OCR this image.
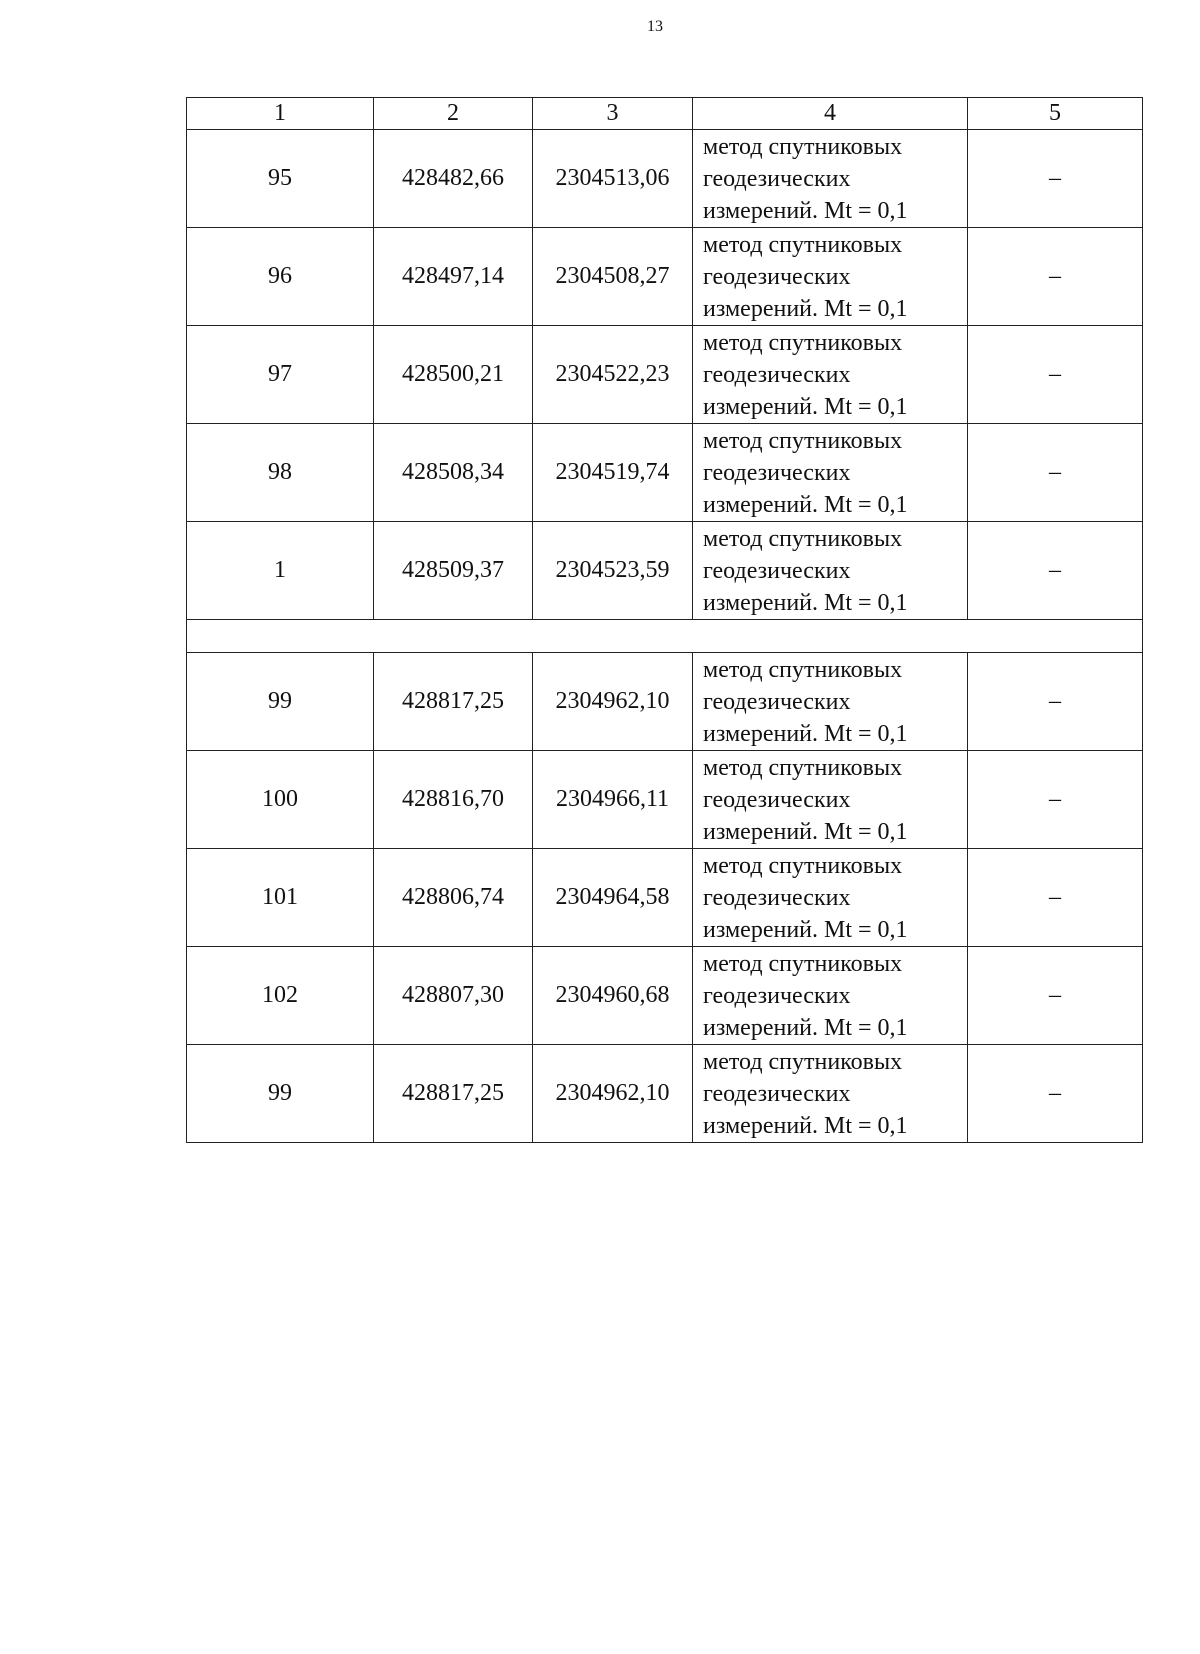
13
1	2	3	4	5
95	428482,66	2304513,06	метод спутниковых
геодезических
измерений. Mt = 0,1	–
96	428497,14	2304508,27	метод спутниковых
геодезических
измерений. Mt = 0,1	–
97	428500,21	2304522,23	метод спутниковых
геодезических
измерений. Mt = 0,1	–
98	428508,34	2304519,74	метод спутниковых
геодезических
измерений. Mt = 0,1	–
1	428509,37	2304523,59	метод спутниковых
геодезических
измерений. Mt = 0,1	–

99	428817,25	2304962,10	метод спутниковых
геодезических
измерений. Mt = 0,1	–
100	428816,70	2304966,11	метод спутниковых
геодезических
измерений. Mt = 0,1	–
101	428806,74	2304964,58	метод спутниковых
геодезических
измерений. Mt = 0,1	–
102	428807,30	2304960,68	метод спутниковых
геодезических
измерений. Mt = 0,1	–
99	428817,25	2304962,10	метод спутниковых
геодезических
измерений. Mt = 0,1	–
